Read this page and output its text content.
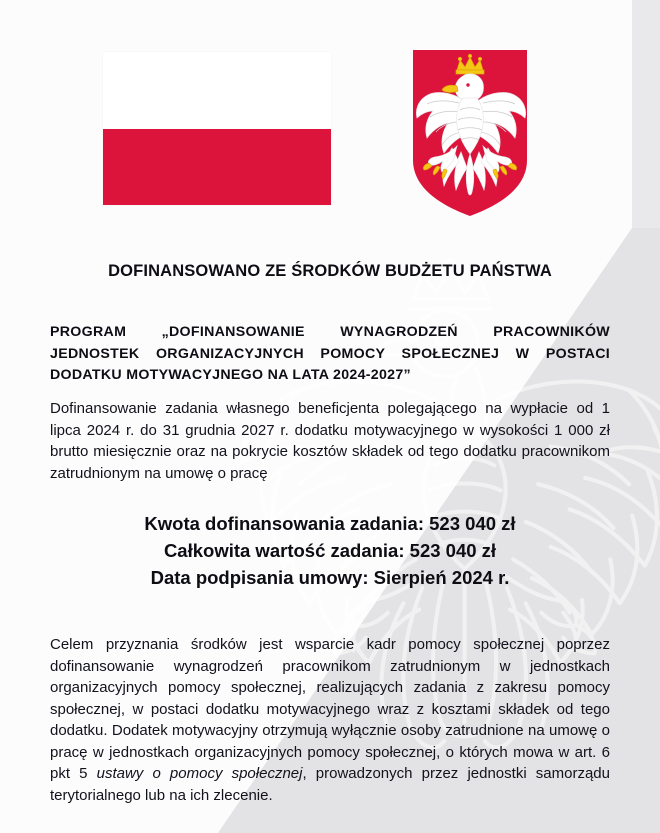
DOFINANSOWANO ZE ŚRODKÓW BUDŻETU PAŃSTWA
PROGRAM „DOFINANSOWANIE WYNAGRODZEŃ PRACOWNIKÓW JEDNOSTEK ORGANIZACYJNYCH POMOCY SPOŁECZNEJ W POSTACI DODATKU MOTYWACYJNEGO NA LATA 2024-2027”
Dofinansowanie zadania własnego beneficjenta polegającego na wypłacie od 1 lipca 2024 r. do 31 grudnia 2027 r. dodatku motywacyjnego w wysokości 1 000 zł brutto miesięcznie oraz na pokrycie kosztów składek od tego dodatku pracownikom zatrudnionym na umowę o pracę
Kwota dofinansowania zadania: 523 040 zł
Całkowita wartość zadania: 523 040 zł
Data podpisania umowy: Sierpień 2024 r.
Celem przyznania środków jest wsparcie kadr pomocy społecznej poprzez dofinansowanie wynagrodzeń pracownikom zatrudnionym w jednostkach organizacyjnych pomocy społecznej, realizujących zadania z zakresu pomocy społecznej, w postaci dodatku motywacyjnego wraz z kosztami składek od tego dodatku. Dodatek motywacyjny otrzymują wyłącznie osoby zatrudnione na umowę o pracę w jednostkach organizacyjnych pomocy społecznej, o których mowa w art. 6 pkt 5 ustawy o pomocy społecznej, prowadzonych przez jednostki samorządu terytorialnego lub na ich zlecenie.
